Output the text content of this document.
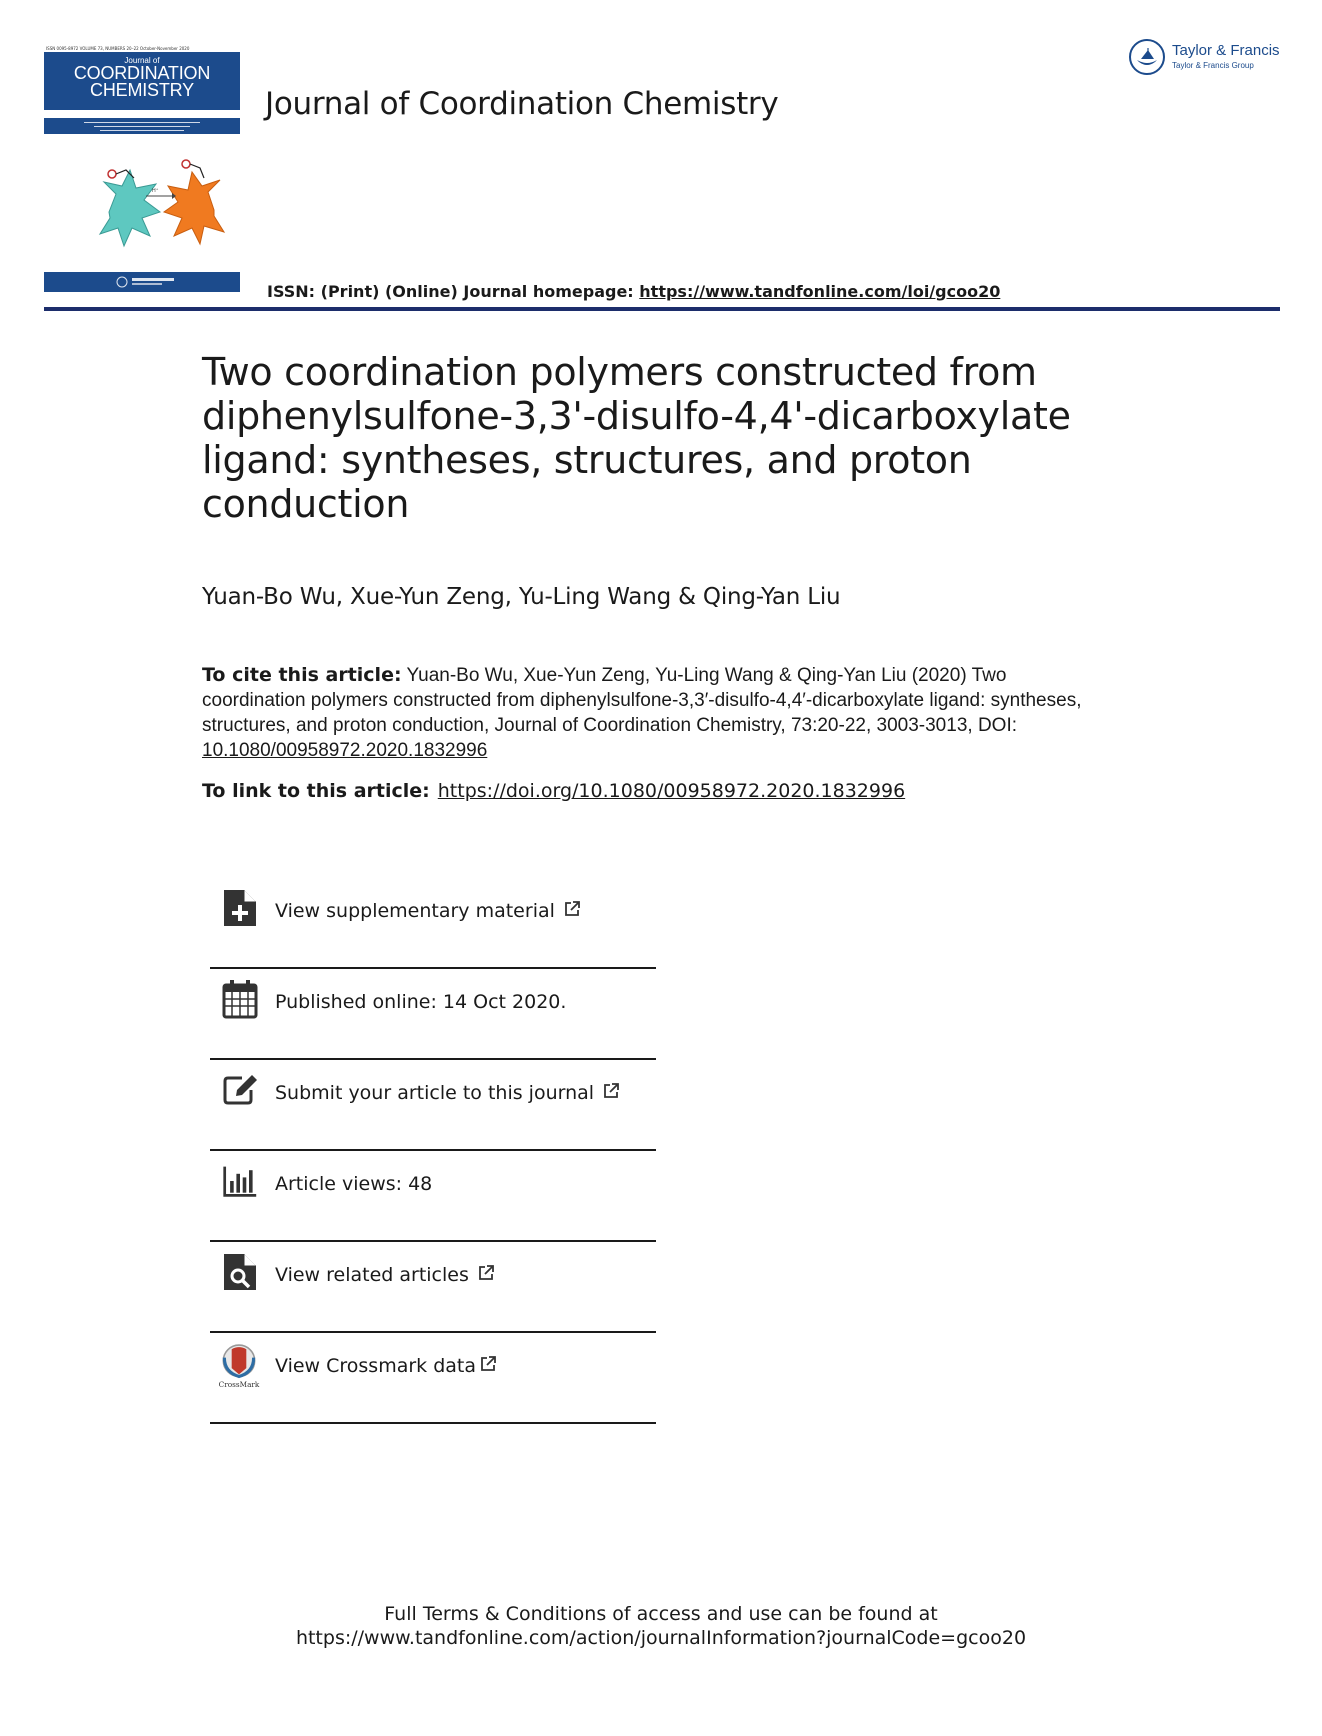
ISSN 0095-8972 VOLUME 73, NUMBERS 20–22 October-November 2020
Journal of
COORDINATION
CHEMISTRY
H⁺
Journal of Coordination Chemistry
Taylor & Francis
Taylor & Francis Group
ISSN: (Print) (Online) Journal homepage: https://www.tandfonline.com/loi/gcoo20
Two coordination polymers constructed from diphenylsulfone-3,3'-disulfo-4,4'-dicarboxylate ligand: syntheses, structures, and proton conduction
Yuan-Bo Wu, Xue-Yun Zeng, Yu-Ling Wang & Qing-Yan Liu
To cite this article: Yuan-Bo Wu, Xue-Yun Zeng, Yu-Ling Wang & Qing-Yan Liu (2020) Two coordination polymers constructed from diphenylsulfone-3,3′-disulfo-4,4′-dicarboxylate ligand: syntheses, structures, and proton conduction, Journal of Coordination Chemistry, 73:20-22, 3003-3013, DOI: 10.1080/00958972.2020.1832996
To link to this article: https://doi.org/10.1080/00958972.2020.1832996
View supplementary material
Published online: 14 Oct 2020.
Submit your article to this journal
Article views: 48
View related articles
CrossMark
View Crossmark data
Full Terms & Conditions of access and use can be found at
https://www.tandfonline.com/action/journalInformation?journalCode=gcoo20
